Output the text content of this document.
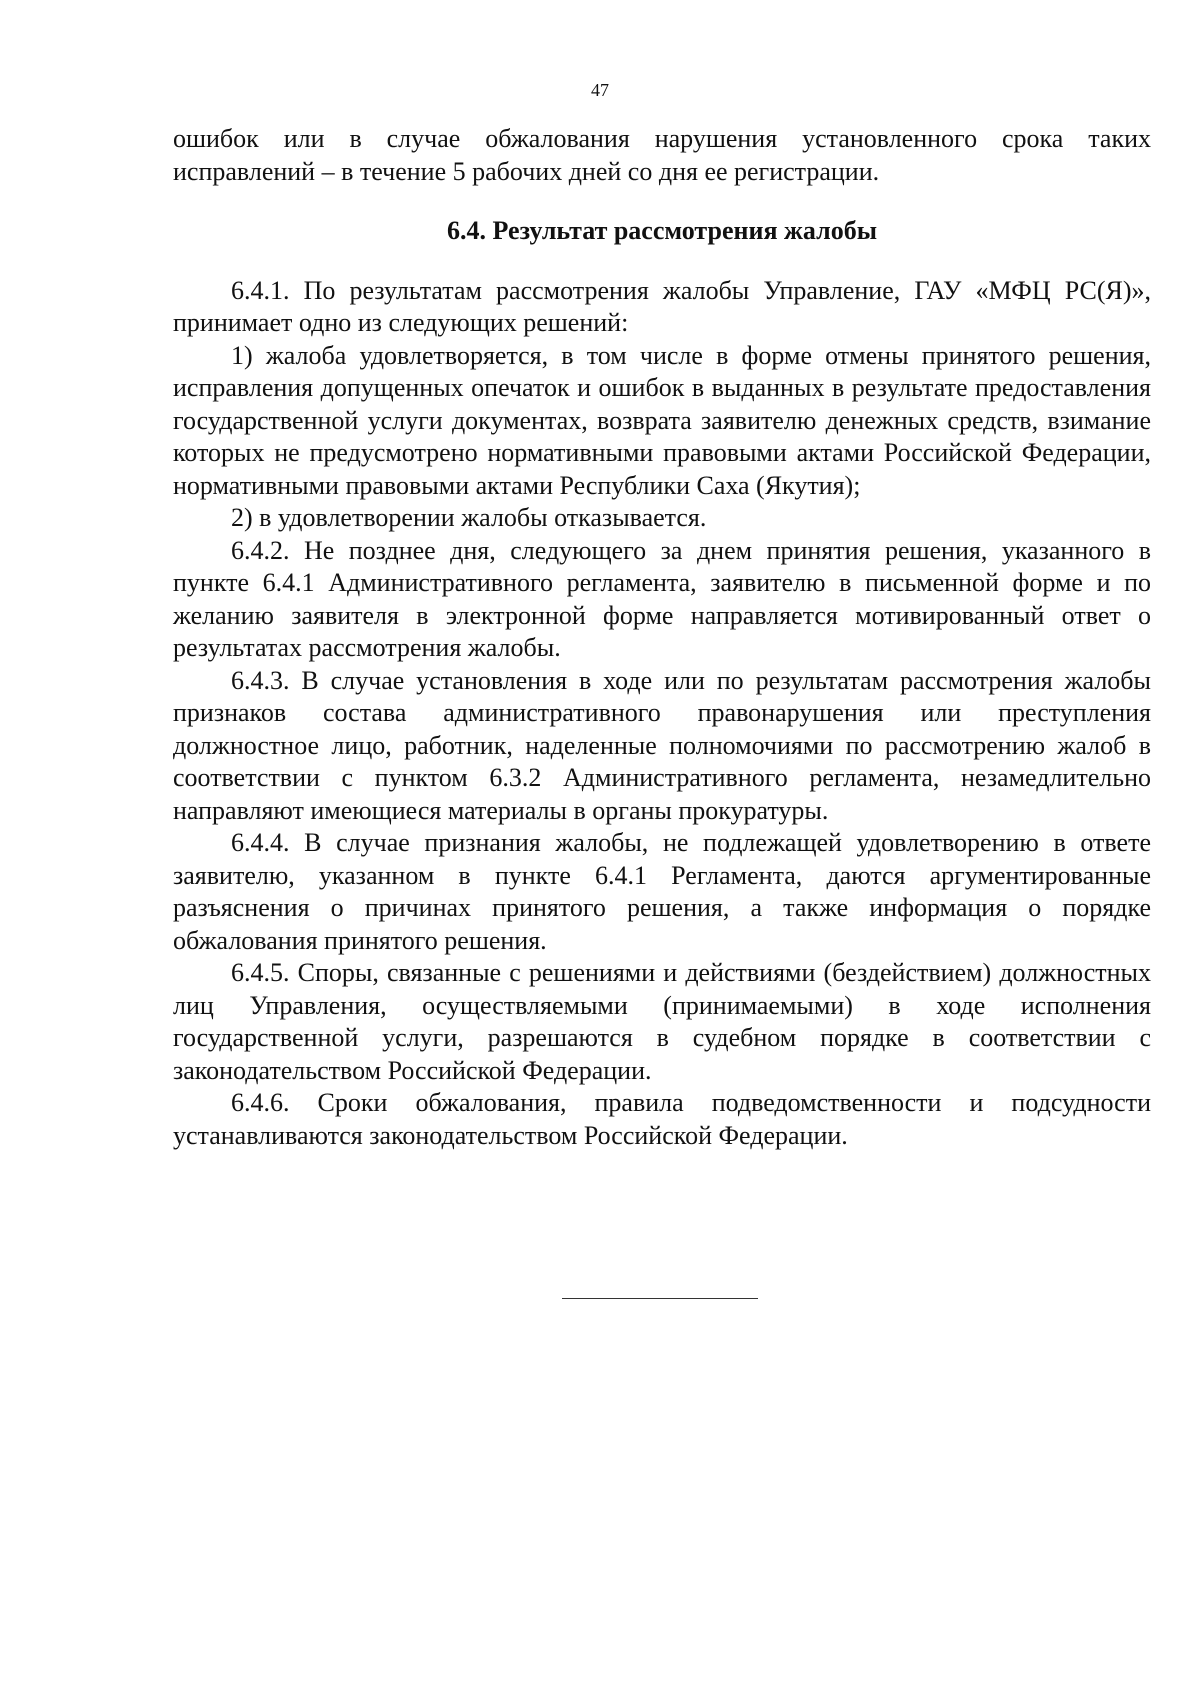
47

ошибок или в случае обжалования нарушения установленного срока таких исправлений – в течение 5 рабочих дней со дня ее регистрации.

6.4. Результат рассмотрения жалобы

6.4.1. По результатам рассмотрения жалобы Управление, ГАУ «МФЦ РС(Я)», принимает одно из следующих решений:

1) жалоба удовлетворяется, в том числе в форме отмены принятого решения, исправления допущенных опечаток и ошибок в выданных в результате предоставления государственной услуги документах, возврата заявителю денежных средств, взимание которых не предусмотрено нормативными правовыми актами Российской Федерации, нормативными правовыми актами Республики Саха (Якутия);

2) в удовлетворении жалобы отказывается.

6.4.2. Не позднее дня, следующего за днем принятия решения, указанного в пункте 6.4.1 Административного регламента, заявителю в письменной форме и по желанию заявителя в электронной форме направляется мотивированный ответ о результатах рассмотрения жалобы.

6.4.3. В случае установления в ходе или по результатам рассмотрения жалобы признаков состава административного правонарушения или преступления должностное лицо, работник, наделенные полномочиями по рассмотрению жалоб в соответствии с пунктом 6.3.2 Административного регламента, незамедлительно направляют имеющиеся материалы в органы прокуратуры.

6.4.4. В случае признания жалобы, не подлежащей удовлетворению в ответе заявителю, указанном в пункте 6.4.1 Регламента, даются аргументированные разъяснения о причинах принятого решения, а также информация о порядке обжалования принятого решения.

6.4.5. Споры, связанные с решениями и действиями (бездействием) должностных лиц Управления, осуществляемыми (принимаемыми) в ходе исполнения государственной услуги, разрешаются в судебном порядке в соответствии с законодательством Российской Федерации.

6.4.6. Сроки обжалования, правила подведомственности и подсудности устанавливаются законодательством Российской Федерации.
